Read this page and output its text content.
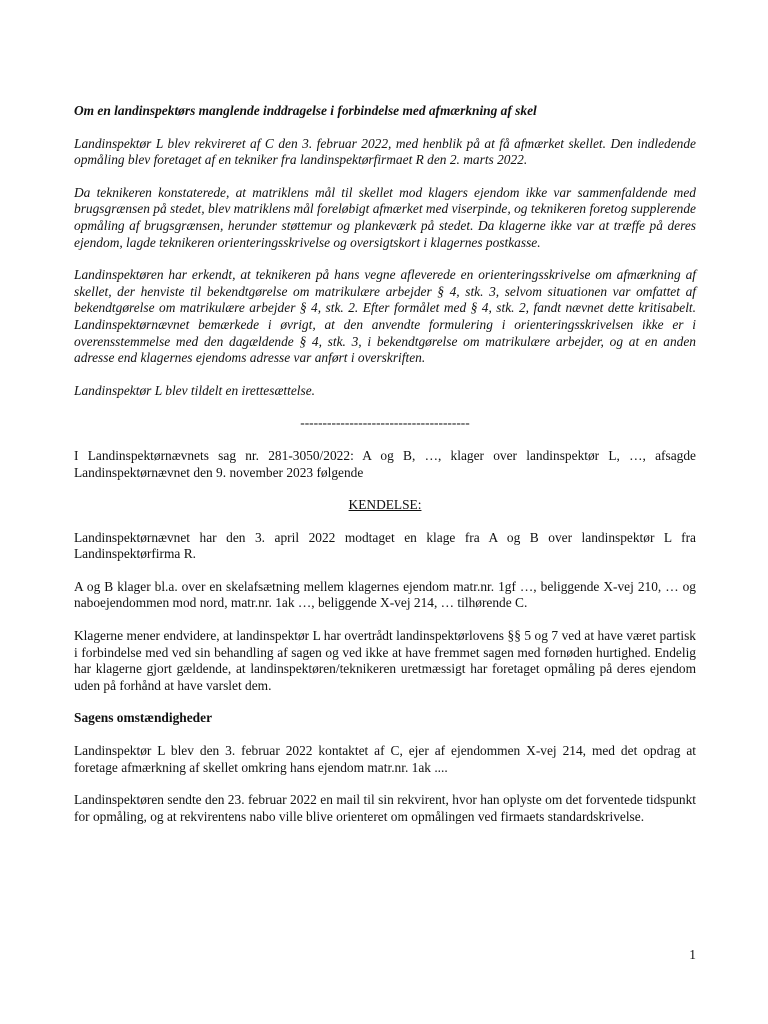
Om en landinspektørs manglende inddragelse i forbindelse med afmærkning af skel

Landinspektør L blev rekvireret af C den 3. februar 2022, med henblik på at få afmærket skellet. Den indledende opmåling blev foretaget af en tekniker fra landinspektørfirmaet R den 2. marts 2022.

Da teknikeren konstaterede, at matriklens mål til skellet mod klagers ejendom ikke var sammenfaldende med brugsgrænsen på stedet, blev matriklens mål foreløbigt afmærket med viserpinde, og teknikeren foretog supplerende opmåling af brugsgrænsen, herunder støttemur og plankeværk på stedet. Da klagerne ikke var at træffe på deres ejendom, lagde teknikeren orienteringsskrivelse og oversigtskort i klagernes postkasse.

Landinspektøren har erkendt, at teknikeren på hans vegne afleverede en orienteringsskrivelse om afmærkning af skellet, der henviste til bekendtgørelse om matrikulære arbejder § 4, stk. 3, selvom situationen var omfattet af bekendtgørelse om matrikulære arbejder § 4, stk. 2. Efter formålet med § 4, stk. 2, fandt nævnet dette kritisabelt. Landinspektørnævnet bemærkede i øvrigt, at den anvendte formulering i orienteringsskrivelsen ikke er i overensstemmelse med den dagældende § 4, stk. 3, i bekendtgørelse om matrikulære arbejder, og at en anden adresse end klagernes ejendoms adresse var anført i overskriften.

Landinspektør L blev tildelt en irettesættelse.

--------------------------------------

I Landinspektørnævnets sag nr. 281-3050/2022: A og B, …, klager over landinspektør L, …, afsagde Landinspektørnævnet den 9. november 2023 følgende

KENDELSE:

Landinspektørnævnet har den 3. april 2022 modtaget en klage fra A og B over landinspektør L fra Landinspektørfirma R.

A og B klager bl.a. over en skelafsætning mellem klagernes ejendom matr.nr. 1gf …, beliggende X-vej 210, … og naboejendommen mod nord, matr.nr. 1ak …, beliggende X-vej 214, … tilhørende C.

Klagerne mener endvidere, at landinspektør L har overtrådt landinspektørlovens §§ 5 og 7 ved at have været partisk i forbindelse med ved sin behandling af sagen og ved ikke at have fremmet sagen med fornøden hurtighed. Endelig har klagerne gjort gældende, at landinspektøren/teknikeren uretmæssigt har foretaget opmåling på deres ejendom uden på forhånd at have varslet dem.

Sagens omstændigheder

Landinspektør L blev den 3. februar 2022 kontaktet af C, ejer af ejendommen X-vej 214, med det opdrag at foretage afmærkning af skellet omkring hans ejendom matr.nr. 1ak ....

Landinspektøren sendte den 23. februar 2022 en mail til sin rekvirent, hvor han oplyste om det forventede tidspunkt for opmåling, og at rekvirentens nabo ville blive orienteret om opmålingen ved firmaets standardskrivelse.

1
